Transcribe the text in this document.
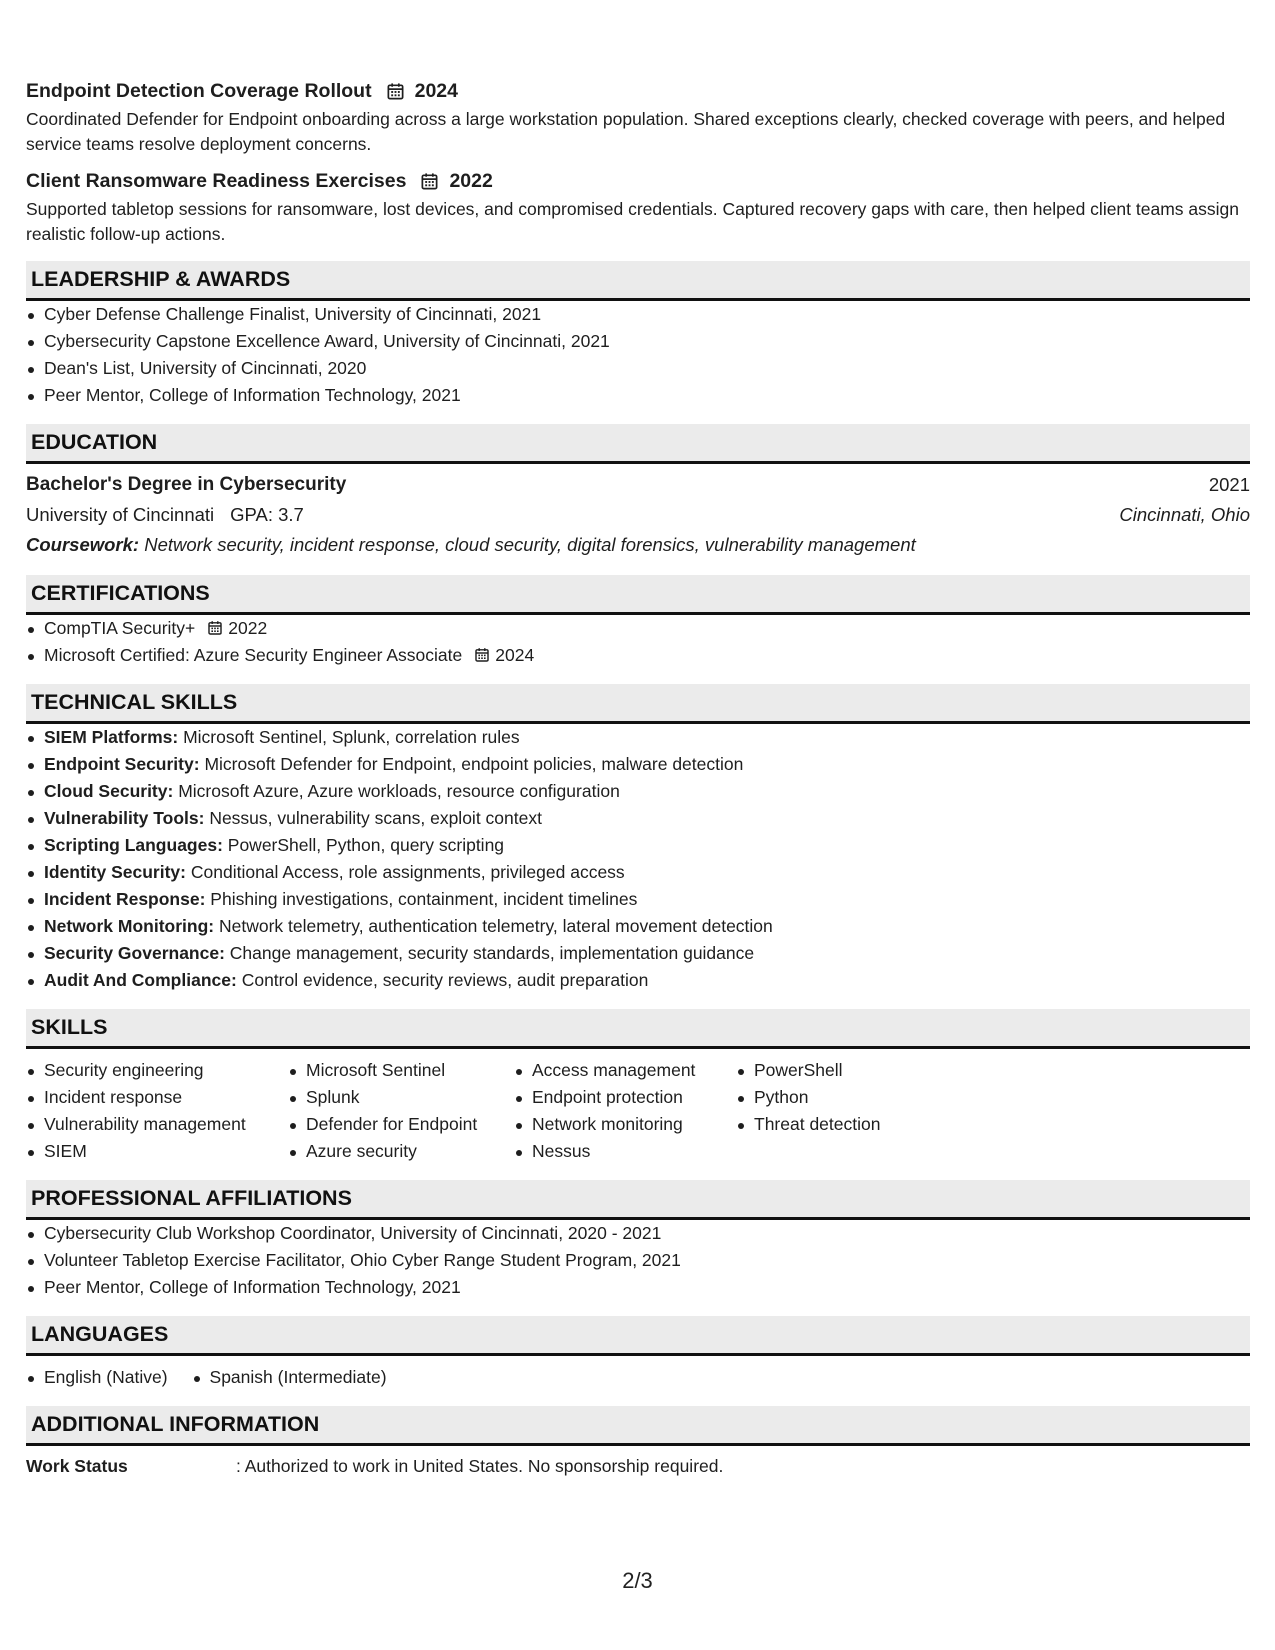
Endpoint Detection Coverage Rollout 2024
Coordinated Defender for Endpoint onboarding across a large workstation population. Shared exceptions clearly, checked coverage with peers, and helped service teams resolve deployment concerns.
Client Ransomware Readiness Exercises 2022
Supported tabletop sessions for ransomware, lost devices, and compromised credentials. Captured recovery gaps with care, then helped client teams assign realistic follow-up actions.
LEADERSHIP & AWARDS
Cyber Defense Challenge Finalist, University of Cincinnati, 2021
Cybersecurity Capstone Excellence Award, University of Cincinnati, 2021
Dean's List, University of Cincinnati, 2020
Peer Mentor, College of Information Technology, 2021
EDUCATION
Bachelor's Degree in Cybersecurity	2021
University of Cincinnati GPA: 3.7	Cincinnati, Ohio
Coursework: Network security, incident response, cloud security, digital forensics, vulnerability management
CERTIFICATIONS
CompTIA Security+ 2022
Microsoft Certified: Azure Security Engineer Associate 2024
TECHNICAL SKILLS
SIEM Platforms: Microsoft Sentinel, Splunk, correlation rules
Endpoint Security: Microsoft Defender for Endpoint, endpoint policies, malware detection
Cloud Security: Microsoft Azure, Azure workloads, resource configuration
Vulnerability Tools: Nessus, vulnerability scans, exploit context
Scripting Languages: PowerShell, Python, query scripting
Identity Security: Conditional Access, role assignments, privileged access
Incident Response: Phishing investigations, containment, incident timelines
Network Monitoring: Network telemetry, authentication telemetry, lateral movement detection
Security Governance: Change management, security standards, implementation guidance
Audit And Compliance: Control evidence, security reviews, audit preparation
SKILLS
Security engineering
Incident response
Vulnerability management
SIEM
Microsoft Sentinel
Splunk
Defender for Endpoint
Azure security
Access management
Endpoint protection
Network monitoring
Nessus
PowerShell
Python
Threat detection
PROFESSIONAL AFFILIATIONS
Cybersecurity Club Workshop Coordinator, University of Cincinnati, 2020 - 2021
Volunteer Tabletop Exercise Facilitator, Ohio Cyber Range Student Program, 2021
Peer Mentor, College of Information Technology, 2021
LANGUAGES
English (Native)	Spanish (Intermediate)
ADDITIONAL INFORMATION
Work Status	: Authorized to work in United States. No sponsorship required.
2/3
